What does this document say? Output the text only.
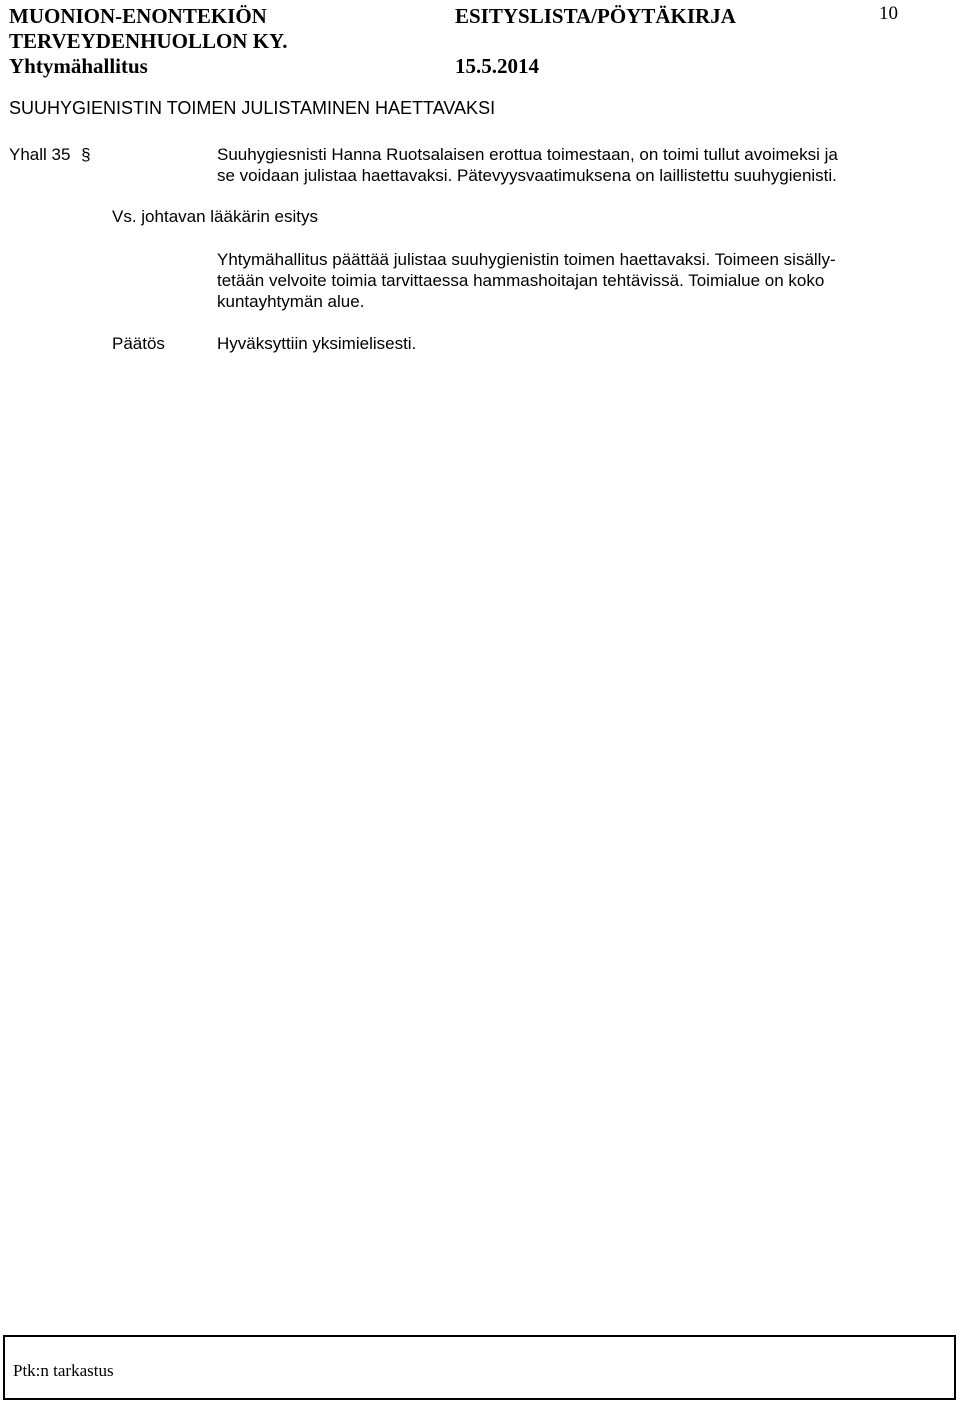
MUONION-ENONTEKIÖN
TERVEYDENHUOLLON KY.
Yhtymähallitus
ESITYSLISTA/PÖYTÄKIRJA
15.5.2014
10
SUUHYGIENISTIN TOIMEN JULISTAMINEN HAETTAVAKSI
Yhall 35 §	Suuhygiesnisti Hanna Ruotsalaisen erottua toimestaan, on toimi tullut avoimeksi ja
se voidaan julistaa haettavaksi. Pätevyysvaatimuksena on laillistettu suuhygienisti.
Vs. johtavan lääkärin esitys
Yhtymähallitus päättää julistaa suuhygienistin toimen haettavaksi. Toimeen sisälly-
tetään velvoite toimia tarvittaessa hammashoitajan tehtävissä. Toimialue on koko
kuntayhtymän alue.
Päätös	Hyväksyttiin yksimielisesti.
Ptk:n tarkastus
